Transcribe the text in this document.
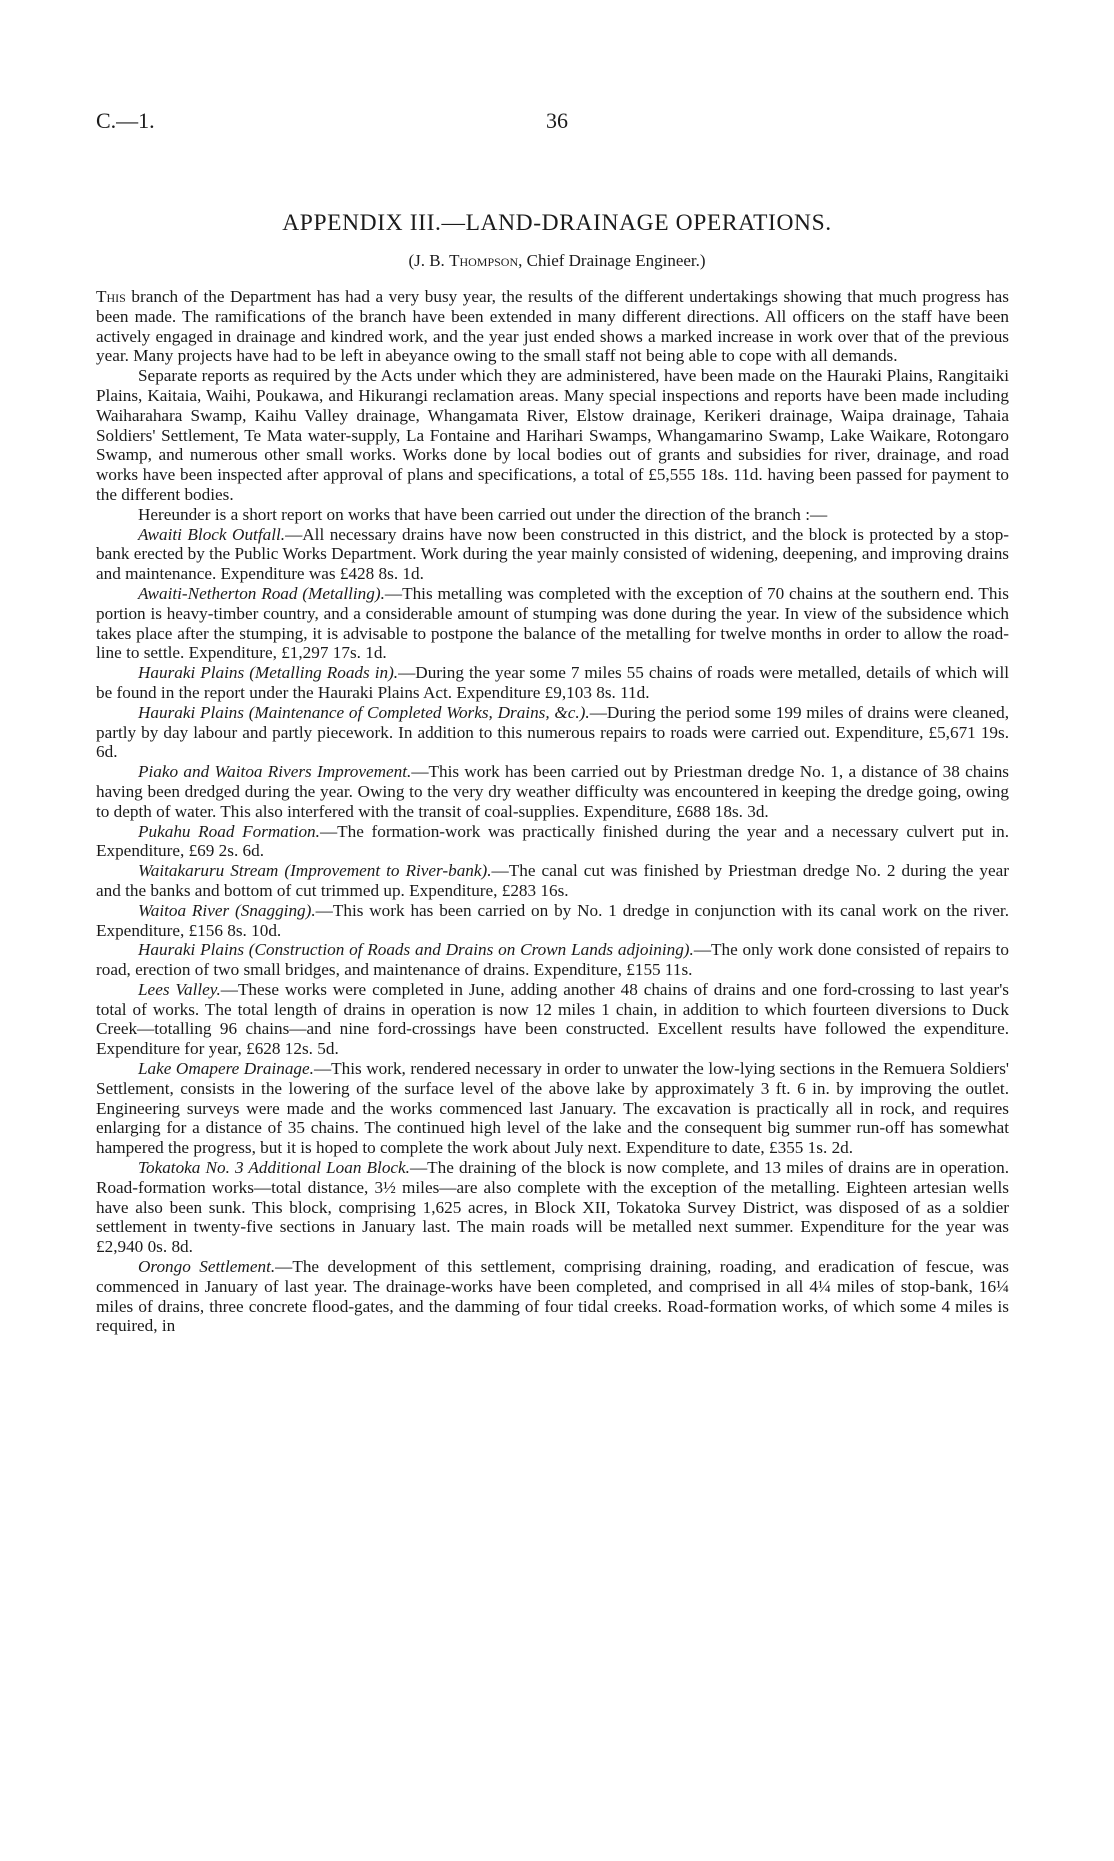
C.—1.	36
APPENDIX III.—LAND-DRAINAGE OPERATIONS.
(J. B. Thompson, Chief Drainage Engineer.)

This branch of the Department has had a very busy year, the results of the different undertakings showing that much progress has been made. The ramifications of the branch have been extended in many different directions. All officers on the staff have been actively engaged in drainage and kindred work, and the year just ended shows a marked increase in work over that of the previous year. Many projects have had to be left in abeyance owing to the small staff not being able to cope with all demands.

Separate reports as required by the Acts under which they are administered, have been made on the Hauraki Plains, Rangitaiki Plains, Kaitaia, Waihi, Poukawa, and Hikurangi reclamation areas. Many special inspections and reports have been made including Waiharahara Swamp, Kaihu Valley drainage, Whangamata River, Elstow drainage, Kerikeri drainage, Waipa drainage, Tahaia Soldiers' Settlement, Te Mata water-supply, La Fontaine and Harihari Swamps, Whangamarino Swamp, Lake Waikare, Rotongaro Swamp, and numerous other small works. Works done by local bodies out of grants and subsidies for river, drainage, and road works have been inspected after approval of plans and specifications, a total of £5,555 18s. 11d. having been passed for payment to the different bodies.

Hereunder is a short report on works that have been carried out under the direction of the branch :—

Awaiti Block Outfall.—All necessary drains have now been constructed in this district, and the block is protected by a stop-bank erected by the Public Works Department. Work during the year mainly consisted of widening, deepening, and improving drains and maintenance. Expenditure was £428 8s. 1d.

Awaiti-Netherton Road (Metalling).—This metalling was completed with the exception of 70 chains at the southern end. This portion is heavy-timber country, and a considerable amount of stumping was done during the year. In view of the subsidence which takes place after the stumping, it is advisable to postpone the balance of the metalling for twelve months in order to allow the road-line to settle. Expenditure, £1,297 17s. 1d.

Hauraki Plains (Metalling Roads in).—During the year some 7 miles 55 chains of roads were metalled, details of which will be found in the report under the Hauraki Plains Act. Expenditure £9,103 8s. 11d.

Hauraki Plains (Maintenance of Completed Works, Drains, &c.).—During the period some 199 miles of drains were cleaned, partly by day labour and partly piecework. In addition to this numerous repairs to roads were carried out. Expenditure, £5,671 19s. 6d.

Piako and Waitoa Rivers Improvement.—This work has been carried out by Priestman dredge No. 1, a distance of 38 chains having been dredged during the year. Owing to the very dry weather difficulty was encountered in keeping the dredge going, owing to depth of water. This also interfered with the transit of coal-supplies. Expenditure, £688 18s. 3d.

Pukahu Road Formation.—The formation-work was practically finished during the year and a necessary culvert put in. Expenditure, £69 2s. 6d.

Waitakaruru Stream (Improvement to River-bank).—The canal cut was finished by Priestman dredge No. 2 during the year and the banks and bottom of cut trimmed up. Expenditure, £283 16s.

Waitoa River (Snagging).—This work has been carried on by No. 1 dredge in conjunction with its canal work on the river. Expenditure, £156 8s. 10d.

Hauraki Plains (Construction of Roads and Drains on Crown Lands adjoining).—The only work done consisted of repairs to road, erection of two small bridges, and maintenance of drains. Expenditure, £155 11s.

Lees Valley.—These works were completed in June, adding another 48 chains of drains and one ford-crossing to last year's total of works. The total length of drains in operation is now 12 miles 1 chain, in addition to which fourteen diversions to Duck Creek—totalling 96 chains—and nine ford-crossings have been constructed. Excellent results have followed the expenditure. Expenditure for year, £628 12s. 5d.

Lake Omapere Drainage.—This work, rendered necessary in order to unwater the low-lying sections in the Remuera Soldiers' Settlement, consists in the lowering of the surface level of the above lake by approximately 3 ft. 6 in. by improving the outlet. Engineering surveys were made and the works commenced last January. The excavation is practically all in rock, and requires enlarging for a distance of 35 chains. The continued high level of the lake and the consequent big summer run-off has somewhat hampered the progress, but it is hoped to complete the work about July next. Expenditure to date, £355 1s. 2d.

Tokatoka No. 3 Additional Loan Block.—The draining of the block is now complete, and 13 miles of drains are in operation. Road-formation works—total distance, 3½ miles—are also complete with the exception of the metalling. Eighteen artesian wells have also been sunk. This block, comprising 1,625 acres, in Block XII, Tokatoka Survey District, was disposed of as a soldier settlement in twenty-five sections in January last. The main roads will be metalled next summer. Expenditure for the year was £2,940 0s. 8d.

Orongo Settlement.—The development of this settlement, comprising draining, roading, and eradication of fescue, was commenced in January of last year. The drainage-works have been completed, and comprised in all 4¼ miles of stop-bank, 16¼ miles of drains, three concrete flood-gates, and the damming of four tidal creeks. Road-formation works, of which some 4 miles is required, in
